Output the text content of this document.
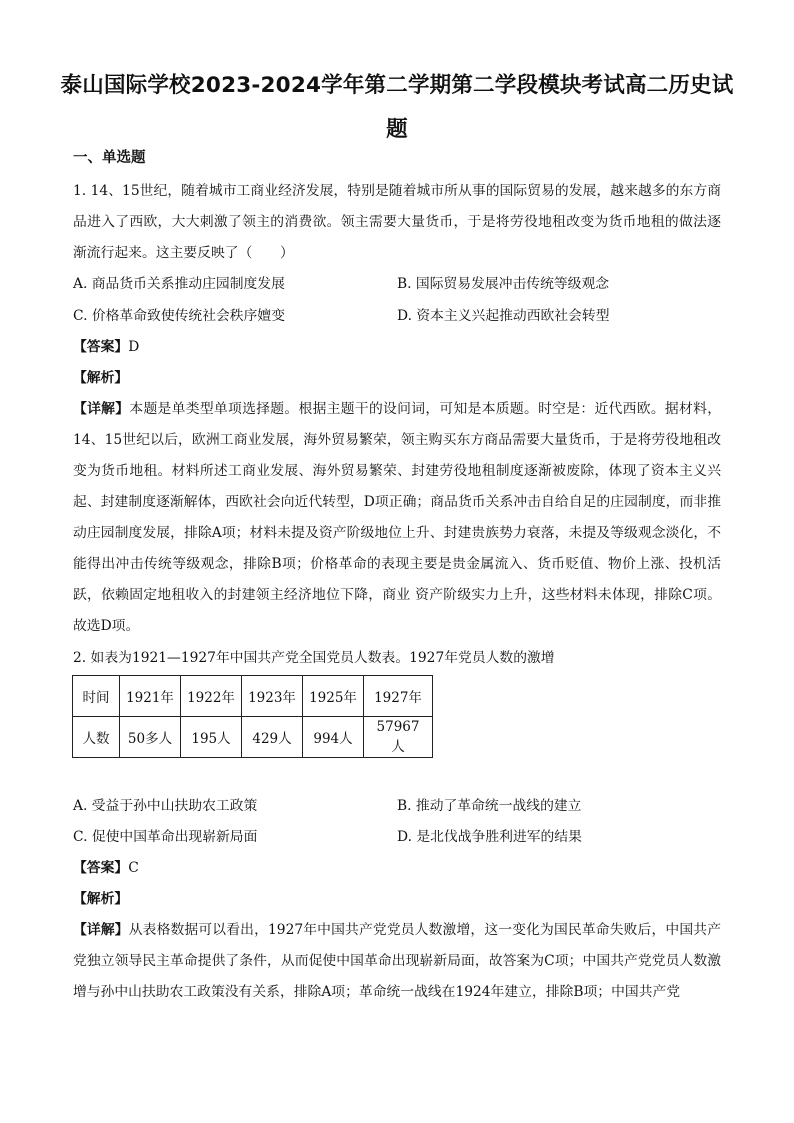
泰山国际学校2023-2024学年第二学期第二学段模块考试高二历史试
题
一、单选题
1. 14、15世纪，随着城市工商业经济发展，特别是随着城市所从事的国际贸易的发展，越来越多的东方商品进入了西欧，大大刺激了领主的消费欲。领主需要大量货币，于是将劳役地租改变为货币地租的做法逐渐流行起来。这主要反映了（　　）
A. 商品货币关系推动庄园制度发展	B. 国际贸易发展冲击传统等级观念
C. 价格革命致使传统社会秩序嬗变	D. 资本主义兴起推动西欧社会转型
【答案】D
【解析】
【详解】本题是单类型单项选择题。根据主题干的设问词，可知是本质题。时空是：近代西欧。据材料，14、15世纪以后，欧洲工商业发展，海外贸易繁荣，领主购买东方商品需要大量货币，于是将劳役地租改变为货币地租。材料所述工商业发展、海外贸易繁荣、封建劳役地租制度逐渐被废除，体现了资本主义兴起、封建制度逐渐解体，西欧社会向近代转型，D项正确；商品货币关系冲击自给自足的庄园制度，而非推动庄园制度发展，排除A项；材料未提及资产阶级地位上升、封建贵族势力衰落，未提及等级观念淡化，不能得出冲击传统等级观念，排除B项；价格革命的表现主要是贵金属流入、货币贬值、物价上涨、投机活跃，依赖固定地租收入的封建领主经济地位下降，商业 资产阶级实力上升，这些材料未体现，排除C项。故选D项。
2. 如表为1921—1927年中国共产党全国党员人数表。1927年党员人数的激增
时间	1921年	1922年	1923年	1925年	1927年
人数	50多人	195人	429人	994人	57967人
A. 受益于孙中山扶助农工政策	B. 推动了革命统一战线的建立
C. 促使中国革命出现崭新局面	D. 是北伐战争胜利进军的结果
【答案】C
【解析】
【详解】从表格数据可以看出，1927年中国共产党党员人数激增，这一变化为国民革命失败后，中国共产党独立领导民主革命提供了条件，从而促使中国革命出现崭新局面，故答案为C项；中国共产党党员人数激增与孙中山扶助农工政策没有关系，排除A项；革命统一战线在1924年建立，排除B项；中国共产党
